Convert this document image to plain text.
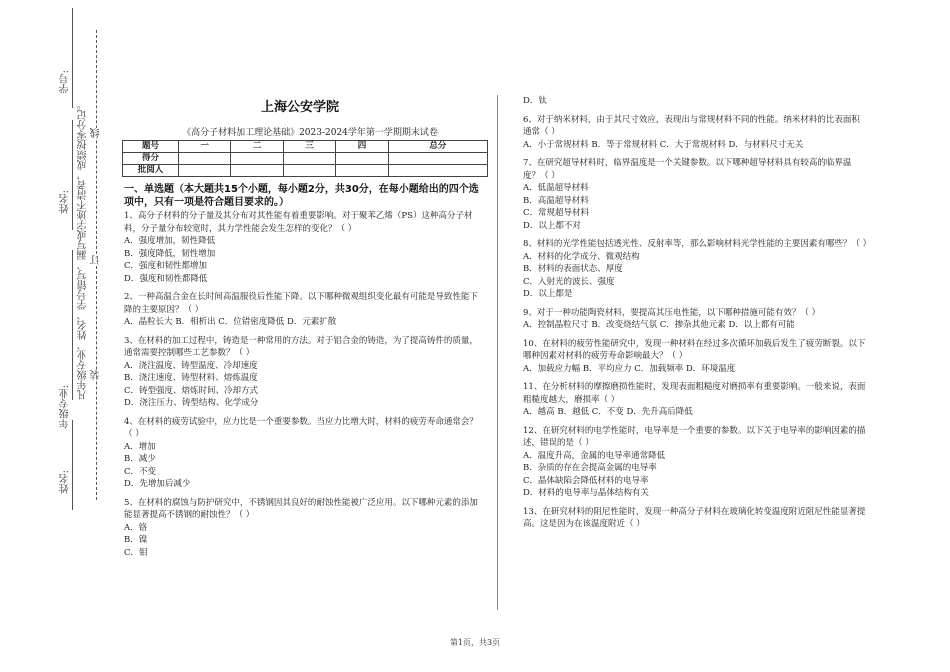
学号:
姓名:
年级专业:
姓名:
凡年级专业、姓名、学号错写、漏写或字迹不清者，成绩按零分记。 线
订
装
上海公安学院
《高分子材料加工理论基础》2023-2024学年第一学期期末试卷
题号	一	二	三	四	总分
得分					
批阅人					
一、单选题（本大题共15个小题，每小题2分，共30分，在每小题给出的四个选项中，只有一项是符合题目要求的。）
1、高分子材料的分子量及其分布对其性能有着重要影响。对于聚苯乙烯（PS）这种高分子材料，分子量分布较宽时，其力学性能会发生怎样的变化？（ ）
A．强度增加，韧性降低
B．强度降低，韧性增加
C．强度和韧性都增加
D．强度和韧性都降低
2、一种高温合金在长时间高温服役后性能下降。以下哪种微观组织变化最有可能是导致性能下降的主要原因？（ ）
A．晶粒长大 B．相析出 C．位错密度降低 D．元素扩散
3、在材料的加工过程中，铸造是一种常用的方法。对于铝合金的铸造，为了提高铸件的质量，通常需要控制哪些工艺参数？（ ）
A．浇注温度、铸型温度、冷却速度
B．浇注速度、铸型材料、熔炼温度
C．铸型强度、熔炼时间、冷却方式
D．浇注压力、铸型结构、化学成分
4、在材料的疲劳试验中，应力比是一个重要参数。当应力比增大时，材料的疲劳寿命通常会？（ ）
A．增加
B．减少
C．不变
D．先增加后减少
5、在材料的腐蚀与防护研究中，不锈钢因其良好的耐蚀性能被广泛应用。以下哪种元素的添加能显著提高不锈钢的耐蚀性？（ ）
A．铬
B．镍
C．钼
D．钛
6、对于纳米材料，由于其尺寸效应，表现出与常规材料不同的性能。纳米材料的比表面积通常（ ）
A．小于常规材料 B．等于常规材料 C．大于常规材料 D．与材料尺寸无关
7、在研究超导材料时，临界温度是一个关键参数。以下哪种超导材料具有较高的临界温度？（ ）
A．低温超导材料
B．高温超导材料
C．常规超导材料
D．以上都不对
8、材料的光学性能包括透光性、反射率等，那么影响材料光学性能的主要因素有哪些？（ ）
A．材料的化学成分、微观结构
B．材料的表面状态、厚度
C．入射光的波长、强度
D．以上都是
9、对于一种功能陶瓷材料，要提高其压电性能，以下哪种措施可能有效？（ ）
A．控制晶粒尺寸 B．改变烧结气氛 C．掺杂其他元素 D．以上都有可能
10、在材料的疲劳性能研究中，发现一种材料在经过多次循环加载后发生了疲劳断裂。以下哪种因素对材料的疲劳寿命影响最大？（ ）
A．加载应力幅 B．平均应力 C．加载频率 D．环境温度
11、在分析材料的摩擦磨损性能时，发现表面粗糙度对磨损率有重要影响。一般来说，表面粗糙度越大，磨损率（ ）
A．越高 B．越低 C．不变 D．先升高后降低
12、在研究材料的电学性能时，电导率是一个重要的参数。以下关于电导率的影响因素的描述，错误的是（ ）
A．温度升高，金属的电导率通常降低
B．杂质的存在会提高金属的电导率
C．晶体缺陷会降低材料的电导率
D．材料的电导率与晶体结构有关
13、在研究材料的阻尼性能时，发现一种高分子材料在玻璃化转变温度附近阻尼性能显著提高。这是因为在该温度附近（ ）
第1页，共3页
